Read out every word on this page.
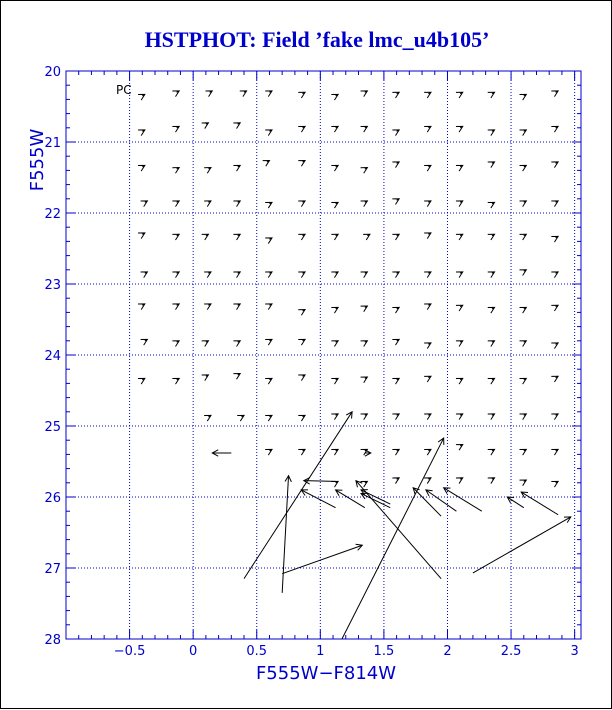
HSTPHOT: Field ’fake lmc_u4b105’
F555W
F555W−F814W
PC
−0.5	0	0.5	1	1.5	2	2.5	3
20
21
22
23
24
25
26
27
28
